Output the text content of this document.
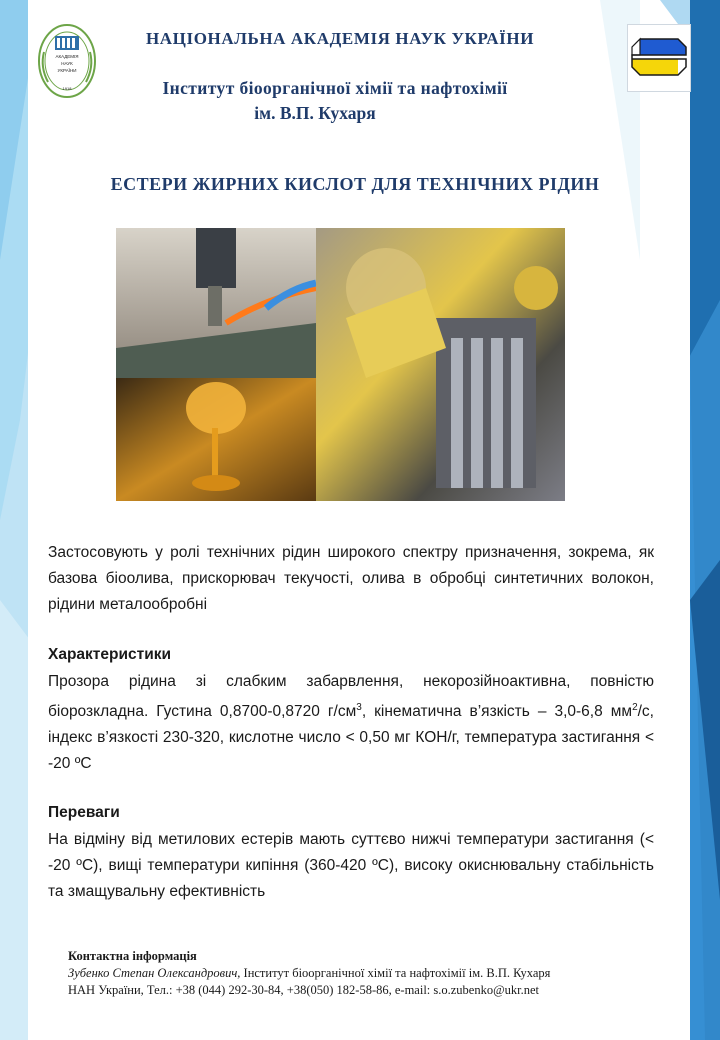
АКАДЕМІЯ
НАУК
УКРАЇНИ
1918
НАЦІОНАЛЬНА АКАДЕМІЯ НАУК УКРАЇНИ
Інститут біоорганічної хімії та нафтохімії
ім. В.П. Кухаря
ЕСТЕРИ ЖИРНИХ КИСЛОТ ДЛЯ ТЕХНІЧНИХ РІДИН
Застосовують у ролі технічних рідин широкого спектру призначення, зокрема, як базова біоолива, прискорювач текучості, олива в обробці синтетичних волокон, рідини металообробні
Характеристики
Прозора рідина зі слабким забарвлення, некорозійноактивна, повністю біорозкладна. Густина 0,8700-0,8720 $г/см^3$, кінематична в’язкість – 3,0-6,8 $мм^2/с$, індекс в’язкості 230-320, кислотне число < 0,50 мг КОН/г, температура застигання < -20 ºС
Переваги
На відміну від метилових естерів мають суттєво нижчі температури застигання (< -20 ºС), вищі температури кипіння (360-420 ºС), високу окиснювальну стабільність та змащувальну ефективність
Контактна інформація
Зубенко Степан Олександрович, Інститут біоорганічної хімії та нафтохімії ім. В.П. Кухаря
НАН України, Тел.: +38 (044) 292-30-84, +38(050) 182-58-86, e-mail: s.o.zubenko@ukr.net
